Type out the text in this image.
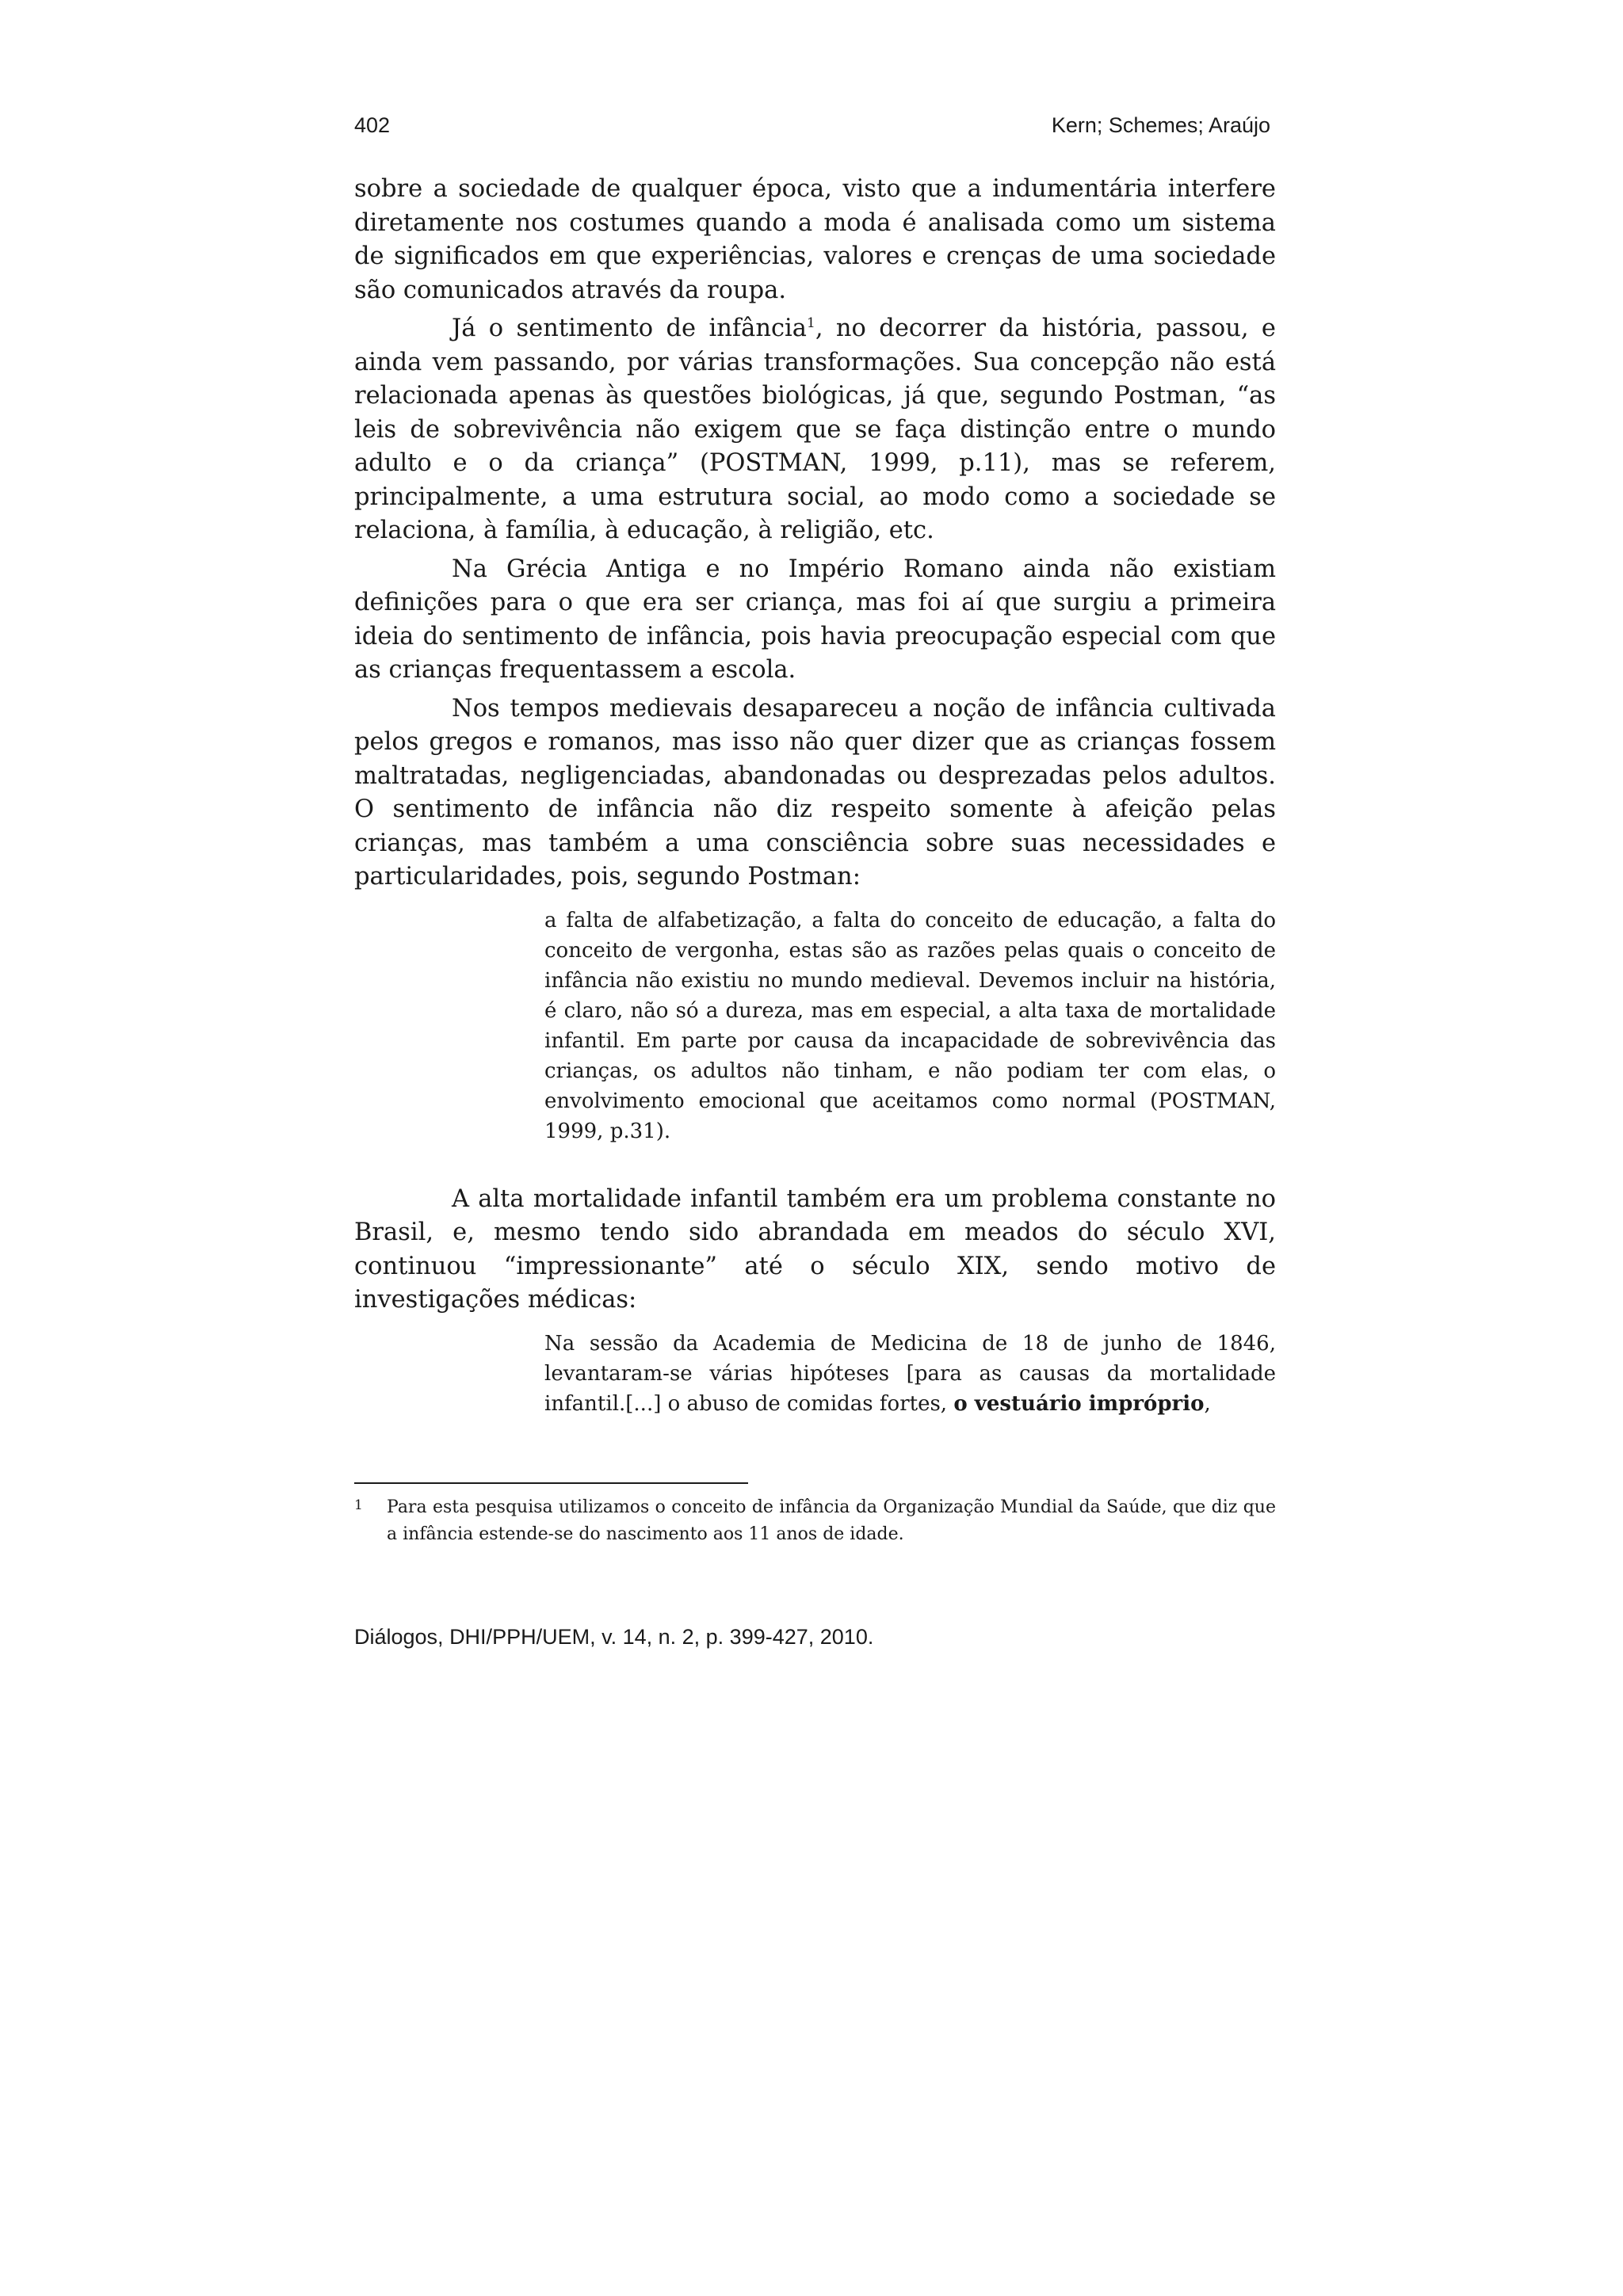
402	Kern; Schemes; Araújo

sobre a sociedade de qualquer época, visto que a indumentária interfere diretamente nos costumes quando a moda é analisada como um sistema de significados em que experiências, valores e crenças de uma sociedade são comunicados através da roupa.

Já o sentimento de infância$^1$, no decorrer da história, passou, e ainda vem passando, por várias transformações. Sua concepção não está relacionada apenas às questões biológicas, já que, segundo Postman, “as leis de sobrevivência não exigem que se faça distinção entre o mundo adulto e o da criança” (POSTMAN, 1999, p.11), mas se referem, principalmente, a uma estrutura social, ao modo como a sociedade se relaciona, à família, à educação, à religião, etc.

Na Grécia Antiga e no Império Romano ainda não existiam definições para o que era ser criança, mas foi aí que surgiu a primeira ideia do sentimento de infância, pois havia preocupação especial com que as crianças frequentassem a escola.

Nos tempos medievais desapareceu a noção de infância cultivada pelos gregos e romanos, mas isso não quer dizer que as crianças fossem maltratadas, negligenciadas, abandonadas ou desprezadas pelos adultos. O sentimento de infância não diz respeito somente à afeição pelas crianças, mas também a uma consciência sobre suas necessidades e particularidades, pois, segundo Postman:

a falta de alfabetização, a falta do conceito de educação, a falta do conceito de vergonha, estas são as razões pelas quais o conceito de infância não existiu no mundo medieval. Devemos incluir na história, é claro, não só a dureza, mas em especial, a alta taxa de mortalidade infantil. Em parte por causa da incapacidade de sobrevivência das crianças, os adultos não tinham, e não podiam ter com elas, o envolvimento emocional que aceitamos como normal (POSTMAN, 1999, p.31).

A alta mortalidade infantil também era um problema constante no Brasil, e, mesmo tendo sido abrandada em meados do século XVI, continuou “impressionante” até o século XIX, sendo motivo de investigações médicas:

Na sessão da Academia de Medicina de 18 de junho de 1846, levantaram-se várias hipóteses [para as causas da mortalidade infantil.[...] o abuso de comidas fortes, o vestuário impróprio,

1	Para esta pesquisa utilizamos o conceito de infância da Organização Mundial da Saúde, que diz que a infância estende-se do nascimento aos 11 anos de idade.
Diálogos, DHI/PPH/UEM, v. 14, n. 2, p. 399-427, 2010.
